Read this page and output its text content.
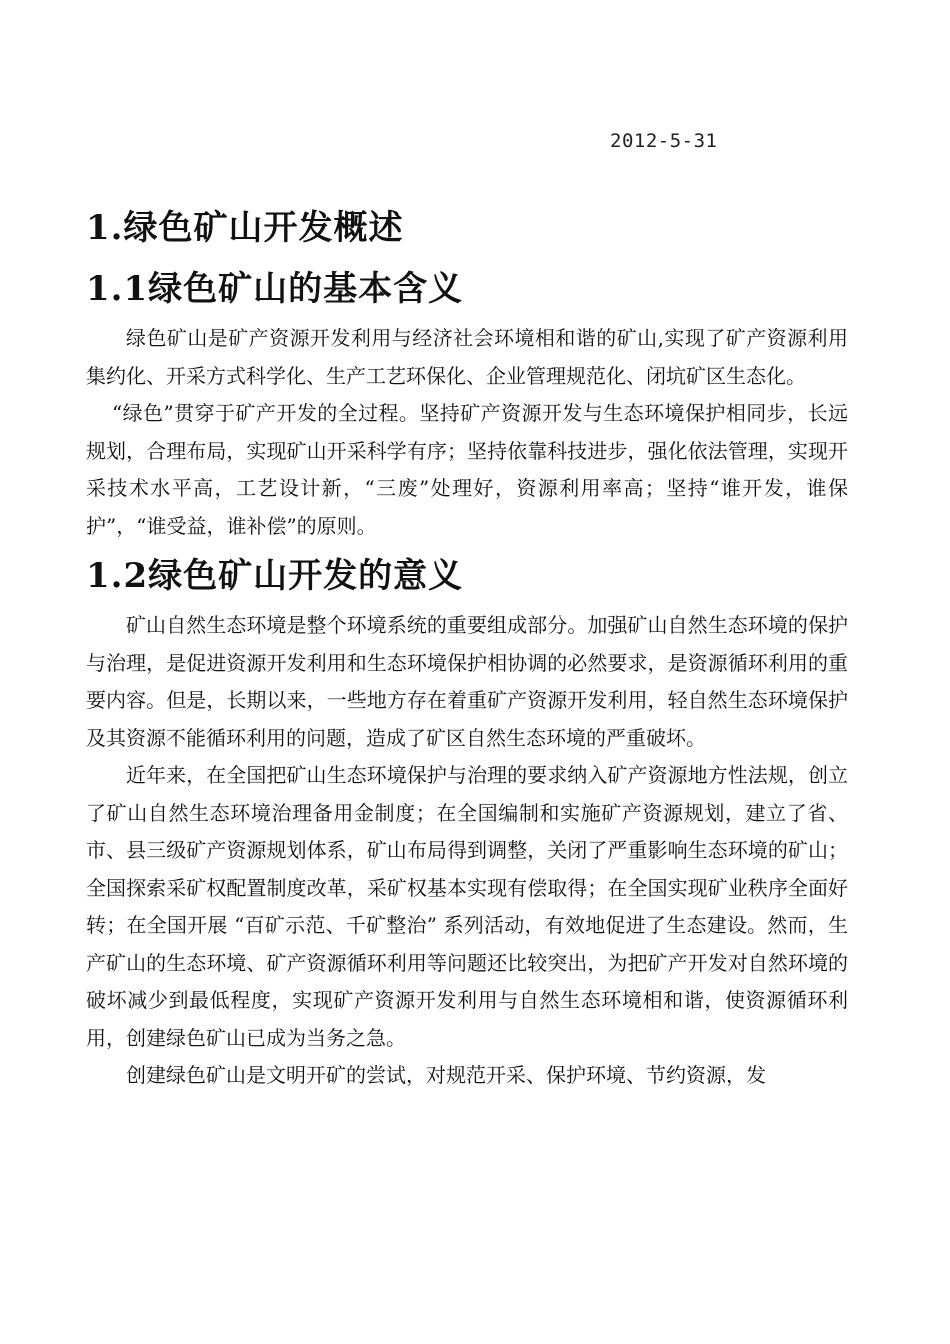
2012-5-31
1.绿色矿山开发概述
1.1绿色矿山的基本含义

绿色矿山是矿产资源开发利用与经济社会环境相和谐的矿山,实现了矿产资源利用集约化、开采方式科学化、生产工艺环保化、企业管理规范化、闭坑矿区生态化。

“绿色”贯穿于矿产开发的全过程。坚持矿产资源开发与生态环境保护相同步，长远规划，合理布局，实现矿山开采科学有序；坚持依靠科技进步，强化依法管理，实现开采技术水平高，工艺设计新，“三废”处理好，资源利用率高；坚持“谁开发，谁保护”，“谁受益，谁补偿”的原则。

1.2绿色矿山开发的意义

矿山自然生态环境是整个环境系统的重要组成部分。加强矿山自然生态环境的保护与治理，是促进资源开发利用和生态环境保护相协调的必然要求，是资源循环利用的重要内容。但是，长期以来，一些地方存在着重矿产资源开发利用，轻自然生态环境保护及其资源不能循环利用的问题，造成了矿区自然生态环境的严重破坏。

近年来，在全国把矿山生态环境保护与治理的要求纳入矿产资源地方性法规，创立了矿山自然生态环境治理备用金制度；在全国编制和实施矿产资源规划，建立了省、市、县三级矿产资源规划体系，矿山布局得到调整，关闭了严重影响生态环境的矿山；全国探索采矿权配置制度改革，采矿权基本实现有偿取得；在全国实现矿业秩序全面好转；在全国开展 “百矿示范、千矿整治” 系列活动，有效地促进了生态建设。然而，生产矿山的生态环境、矿产资源循环利用等问题还比较突出，为把矿产开发对自然环境的破坏减少到最低程度，实现矿产资源开发利用与自然生态环境相和谐，使资源循环利用，创建绿色矿山已成为当务之急。

创建绿色矿山是文明开矿的尝试，对规范开采、保护环境、节约资源，发
